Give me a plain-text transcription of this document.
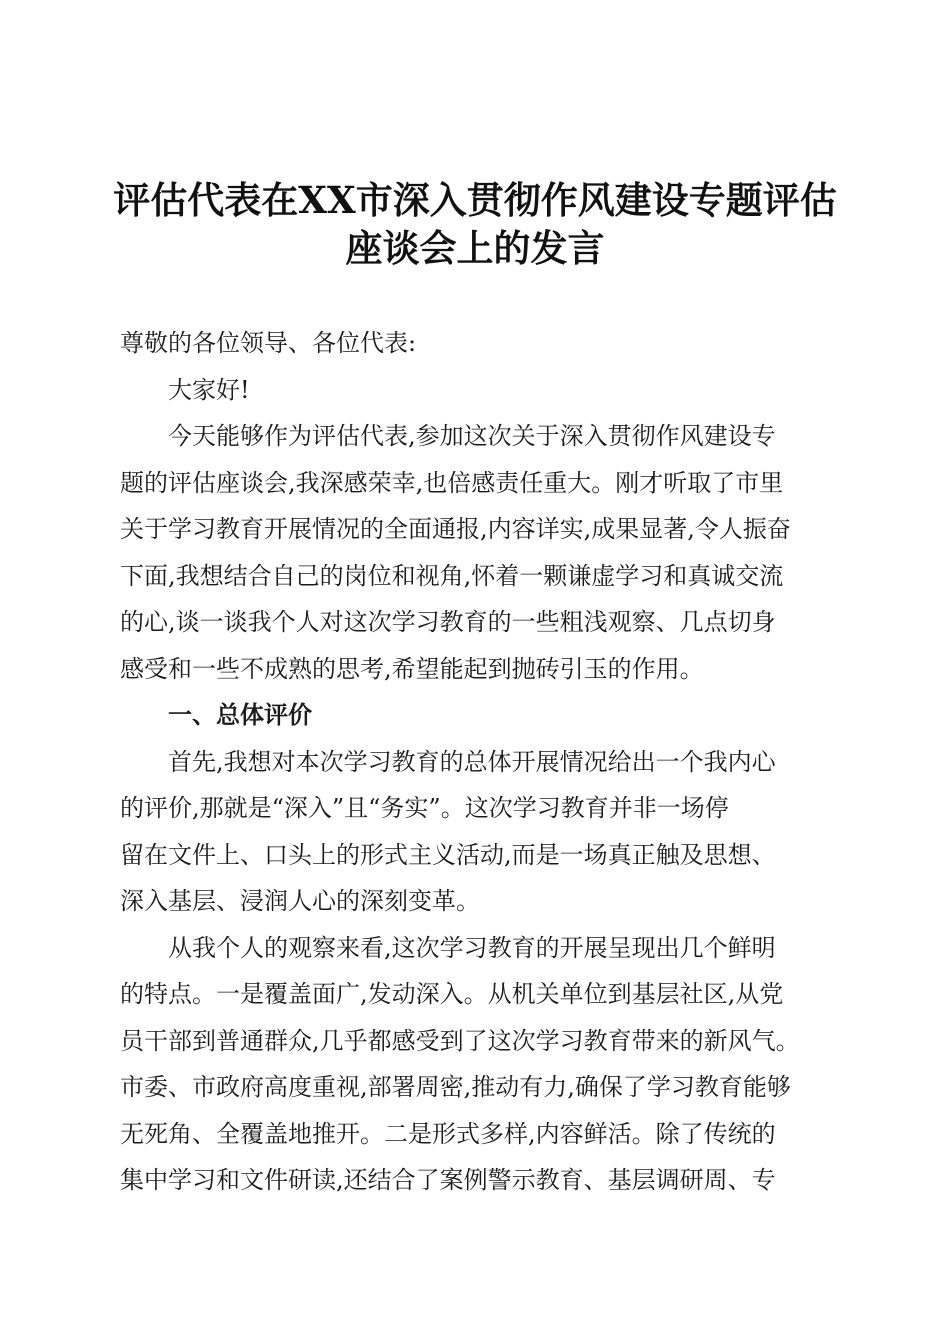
评估代表在XX市深入贯彻作风建设专题评估
座谈会上的发言
尊敬的各位领导、各位代表:
大家好!
今天能够作为评估代表,参加这次关于深入贯彻作风建设专
题的评估座谈会,我深感荣幸,也倍感责任重大。刚才听取了市里
关于学习教育开展情况的全面通报,内容详实,成果显著,令人振奋
下面,我想结合自己的岗位和视角,怀着一颗谦虚学习和真诚交流
的心,谈一谈我个人对这次学习教育的一些粗浅观察、几点切身
感受和一些不成熟的思考,希望能起到抛砖引玉的作用。
一、总体评价
首先,我想对本次学习教育的总体开展情况给出一个我内心
的评价,那就是“深入”且“务实”。这次学习教育并非一场停
留在文件上、口头上的形式主义活动,而是一场真正触及思想、
深入基层、浸润人心的深刻变革。
从我个人的观察来看,这次学习教育的开展呈现出几个鲜明
的特点。一是覆盖面广,发动深入。从机关单位到基层社区,从党
员干部到普通群众,几乎都感受到了这次学习教育带来的新风气。
市委、市政府高度重视,部署周密,推动有力,确保了学习教育能够
无死角、全覆盖地推开。二是形式多样,内容鲜活。除了传统的
集中学习和文件研读,还结合了案例警示教育、基层调研周、专
